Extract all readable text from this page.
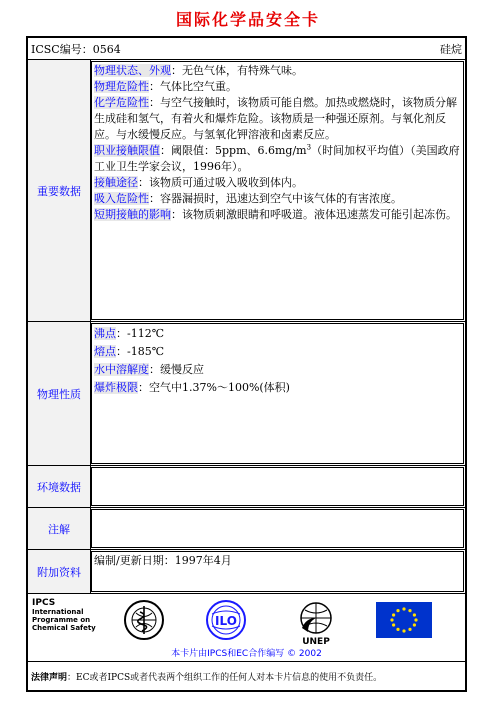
国际化学品安全卡
ICSC编号：0564	硅烷
重要数据
物理状态、外观：无色气体，有特殊气味。
物理危险性：气体比空气重。
化学危险性：与空气接触时，该物质可能自燃。加热或燃烧时，该物质分解生成硅和氢气，有着火和爆炸危险。该物质是一种强还原剂。与氧化剂反应。与水缓慢反应。与氢氧化钾溶液和卤素反应。
职业接触限值：阈限值：5ppm、$6.6mg/m^3$（时间加权平均值）（美国政府工业卫生学家会议，1996年）。
接触途径：该物质可通过吸入吸收到体内。
吸入危险性：容器漏损时，迅速达到空气中该气体的有害浓度。
短期接触的影响：该物质刺激眼睛和呼吸道。液体迅速蒸发可能引起冻伤。
物理性质
沸点：-112℃
熔点：-185℃
水中溶解度：缓慢反应
爆炸极限：空气中1.37%～100%(体积)
环境数据
注解
附加资料
编制/更新日期：1997年4月
IPCS
International
Programme on
Chemical Safety	ILO
UNEP
本卡片由IPCS和EC合作编写 © 2002
法律声明 ：EC或者IPCS或者代表两个组织工作的任何人对本卡片信息的使用不负责任。
